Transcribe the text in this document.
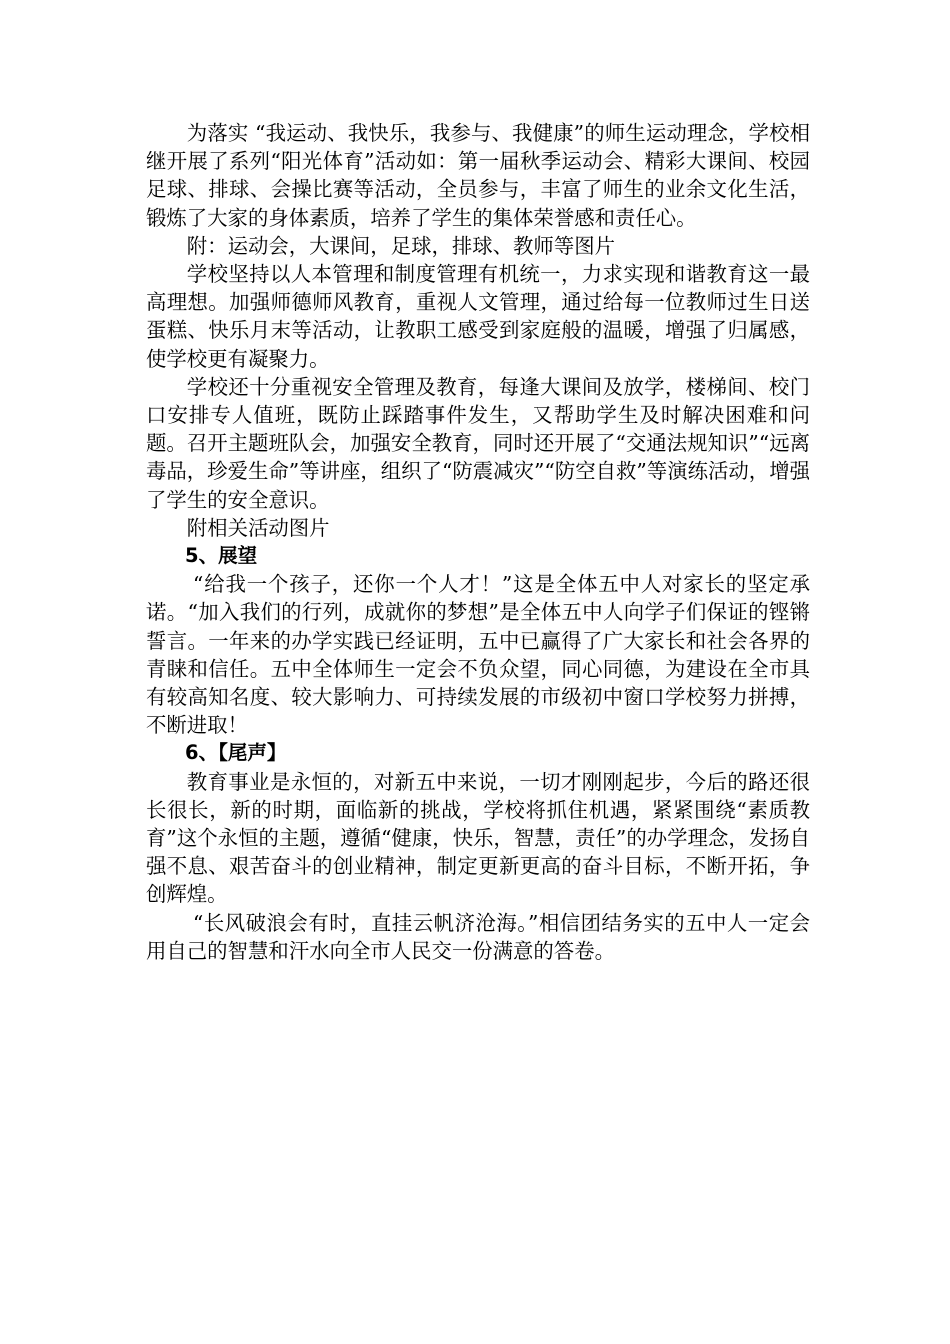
为落实 “我运动、我快乐，我参与、我健康”的师生运动理念，学校相继开展了系列“阳光体育”活动如：第一届秋季运动会、精彩大课间、校园足球、排球、会操比赛等活动，全员参与，丰富了师生的业余文化生活，锻炼了大家的身体素质，培养了学生的集体荣誉感和责任心。

附：运动会，大课间，足球，排球、教师等图片

学校坚持以人本管理和制度管理有机统一，力求实现和谐教育这一最高理想。加强师德师风教育，重视人文管理，通过给每一位教师过生日送蛋糕、快乐月末等活动，让教职工感受到家庭般的温暖，增强了归属感，使学校更有凝聚力。

学校还十分重视安全管理及教育，每逢大课间及放学，楼梯间、校门口安排专人值班，既防止踩踏事件发生，又帮助学生及时解决困难和问题。召开主题班队会，加强安全教育，同时还开展了“交通法规知识”“远离毒品，珍爱生命”等讲座，组织了“防震减灾”“防空自救”等演练活动，增强了学生的安全意识。

附相关活动图片

5、展望

“给我一个孩子，还你一个人才！”这是全体五中人对家长的坚定承诺。“加入我们的行列，成就你的梦想”是全体五中人向学子们保证的铿锵誓言。一年来的办学实践已经证明，五中已赢得了广大家长和社会各界的青睐和信任。五中全体师生一定会不负众望，同心同德，为建设在全市具有较高知名度、较大影响力、可持续发展的市级初中窗口学校努力拼搏，不断进取！

6、【尾声】

教育事业是永恒的，对新五中来说，一切才刚刚起步，今后的路还很长很长，新的时期，面临新的挑战，学校将抓住机遇，紧紧围绕“素质教育”这个永恒的主题，遵循“健康，快乐，智慧，责任”的办学理念，发扬自强不息、艰苦奋斗的创业精神，制定更新更高的奋斗目标，不断开拓，争创辉煌。

“长风破浪会有时，直挂云帆济沧海。”相信团结务实的五中人一定会用自己的智慧和汗水向全市人民交一份满意的答卷。
